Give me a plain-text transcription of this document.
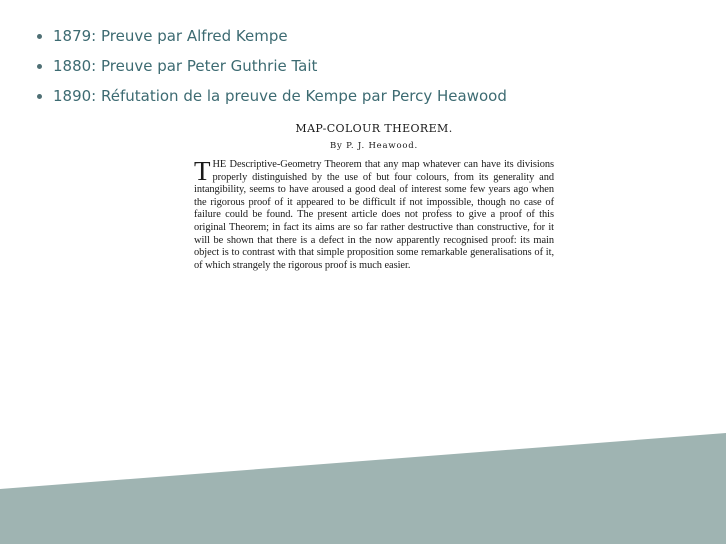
1879: Preuve par Alfred Kempe
1880: Preuve par Peter Guthrie Tait
1890: Réfutation de la preuve de Kempe par Percy Heawood
MAP-COLOUR THEOREM.
By P. J. Heawood.
THE Descriptive-Geometry Theorem that any map whatever can have its divisions properly distinguished by the use of but four colours, from its generality and intangibility, seems to have aroused a good deal of interest some few years ago when the rigorous proof of it appeared to be difficult if not impossible, though no case of failure could be found. The present article does not profess to give a proof of this original Theorem; in fact its aims are so far rather destructive than constructive, for it will be shown that there is a defect in the now apparently recognised proof: its main object is to contrast with that simple proposition some remarkable generalisations of it, of which strangely the rigorous proof is much easier.
